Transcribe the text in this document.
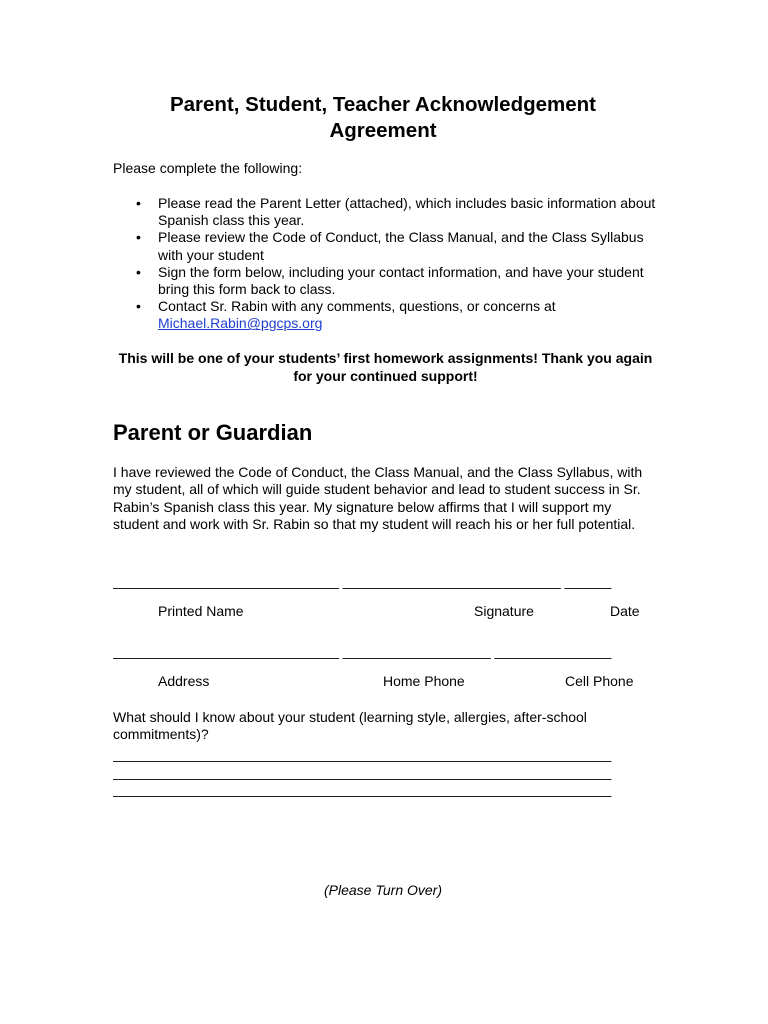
Parent, Student, Teacher Acknowledgement
Agreement
Please complete the following:
• Please read the Parent Letter (attached), which includes basic information about Spanish class this year.
• Please review the Code of Conduct, the Class Manual, and the Class Syllabus with your student
• Sign the form below, including your contact information, and have your student bring this form back to class.
• Contact Sr. Rabin with any comments, questions, or concerns at
Michael.Rabin@pgcps.org
This will be one of your students’ first homework assignments! Thank you again for your continued support!
Parent or Guardian
I have reviewed the Code of Conduct, the Class Manual, and the Class Syllabus, with my student, all of which will guide student behavior and lead to student success in Sr. Rabin’s Spanish class this year. My signature below affirms that I will support my student and work with Sr. Rabin so that my student will reach his or her full potential.
_____________________________ ____________________________ ______
Printed Name	Signature	Date
_____________________________ ___________________ _______________
Address	Home Phone	Cell Phone
What should I know about your student (learning style, allergies, after-school commitments)?
________________________________________________________________
________________________________________________________________
________________________________________________________________
(Please Turn Over)
